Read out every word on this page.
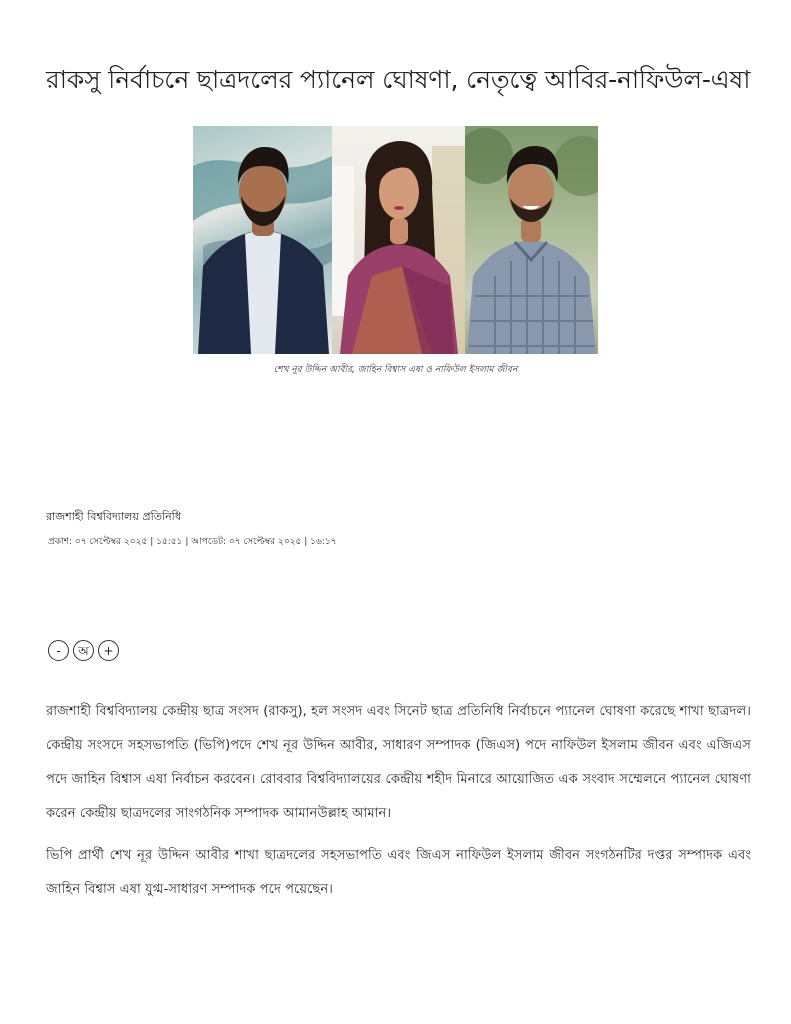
রাকসু নির্বাচনে ছাত্রদলের প্যানেল ঘোষণা, নেতৃত্বে আবির-নাফিউল-এষা
শেখ নূর উদ্দিন আবীর, জাহিন বিশ্বাস এষা ও নাফিউল ইসলাম জীবন
রাজশাহী বিশ্ববিদ্যালয় প্রতিনিধি
প্রকাশ: ০৭ সেপ্টেম্বর ২০২৫ | ১৫:৫১ | আপডেট: ০৭ সেপ্টেম্বর ২০২৫ | ১৬:১৭
-	অ	+

রাজশাহী বিশ্ববিদ্যালয় কেন্দ্রীয় ছাত্র সংসদ (রাকসু), হল সংসদ এবং সিনেট ছাত্র প্রতিনিধি নির্বাচনে প্যানেল ঘোষণা করেছে শাখা ছাত্রদল। কেন্দ্রীয় সংসদে সহসভাপতি (ভিপি)পদে শেখ নূর উদ্দিন আবীর, সাধারণ সম্পাদক (জিএস) পদে নাফিউল ইসলাম জীবন এবং এজিএস পদে জাহিন বিশ্বাস এষা নির্বাচন করবেন। রোববার বিশ্ববিদ্যালয়ের কেন্দ্রীয় শহীদ মিনারে আয়োজিত এক সংবাদ সম্মেলনে প্যানেল ঘোষণা করেন কেন্দ্রীয় ছাত্রদলের সাংগঠনিক সম্পাদক আমানউল্লাহ আমান।

ভিপি প্রার্থী শেখ নূর উদ্দিন আবীর শাখা ছাত্রদলের সহসভাপতি এবং জিএস নাফিউল ইসলাম জীবন সংগঠনটির দপ্তর সম্পাদক এবং জাহিন বিশ্বাস এষা যুগ্ম-সাধারণ সম্পাদক পদে পয়েছেন।
